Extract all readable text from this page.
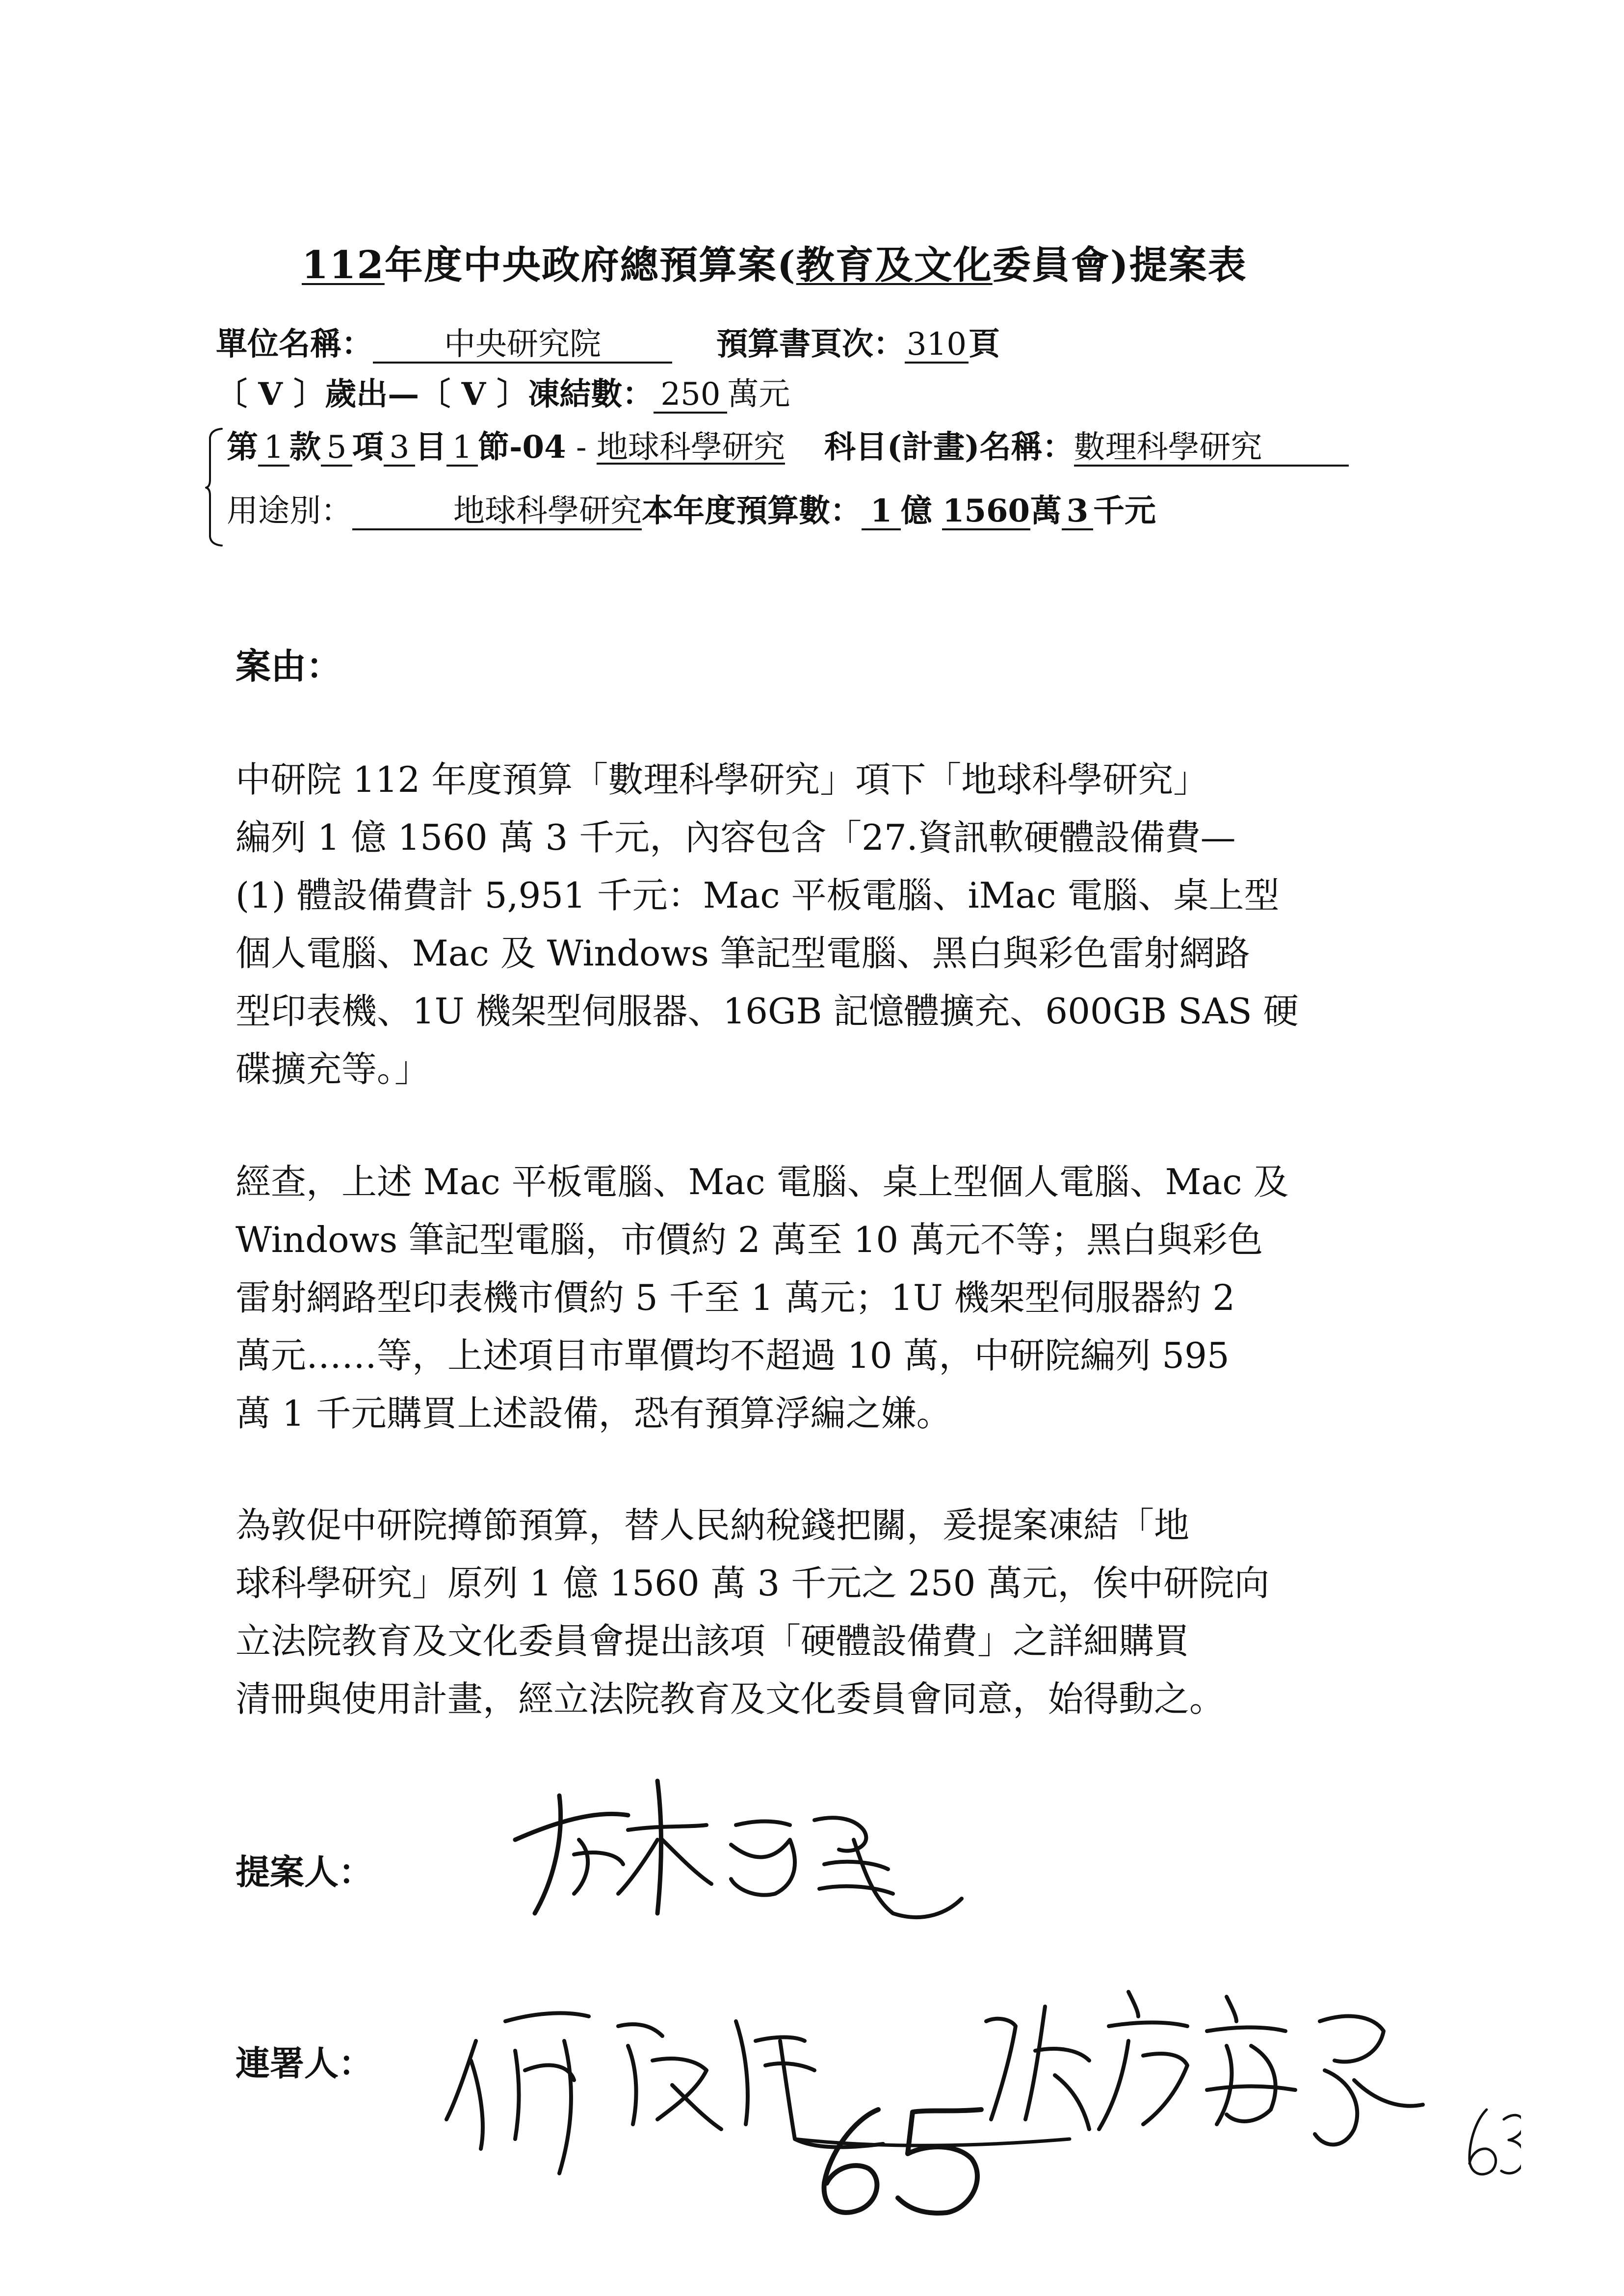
112年度中央政府總預算案(教育及文化委員會)提案表
單位名稱： 中央研究院	預算書頁次：310頁
〔 V 〕歲出—〔 V 〕凍結數： 250 萬元
第 1 款 5 項 3 目 1 節-04 - 地球科學研究 科目(計畫)名稱：數理科學研究
用途別：	地球科學研究本年度預算數： 1 億 1560萬 3 千元
案由：
中研院 112 年度預算「數理科學研究」項下「地球科學研究」
編列 1 億 1560 萬 3 千元，內容包含「27.資訊軟硬體設備費—
(1) 體設備費計 5,951 千元：Mac 平板電腦、iMac 電腦、桌上型
個人電腦、Mac 及 Windows 筆記型電腦、黑白與彩色雷射網路
型印表機、1U 機架型伺服器、16GB 記憶體擴充、600GB SAS 硬
碟擴充等。」
經查，上述 Mac 平板電腦、Mac 電腦、桌上型個人電腦、Mac 及
Windows 筆記型電腦，市價約 2 萬至 10 萬元不等；黑白與彩色
雷射網路型印表機市價約 5 千至 1 萬元；1U 機架型伺服器約 2
萬元……等，上述項目市單價均不超過 10 萬，中研院編列 595
萬 1 千元購買上述設備，恐有預算浮編之嫌。
為敦促中研院撙節預算，替人民納稅錢把關，爰提案凍結「地
球科學研究」原列 1 億 1560 萬 3 千元之 250 萬元，俟中研院向
立法院教育及文化委員會提出該項「硬體設備費」之詳細購買
清冊與使用計畫，經立法院教育及文化委員會同意，始得動之。
提案人：
連署人：
